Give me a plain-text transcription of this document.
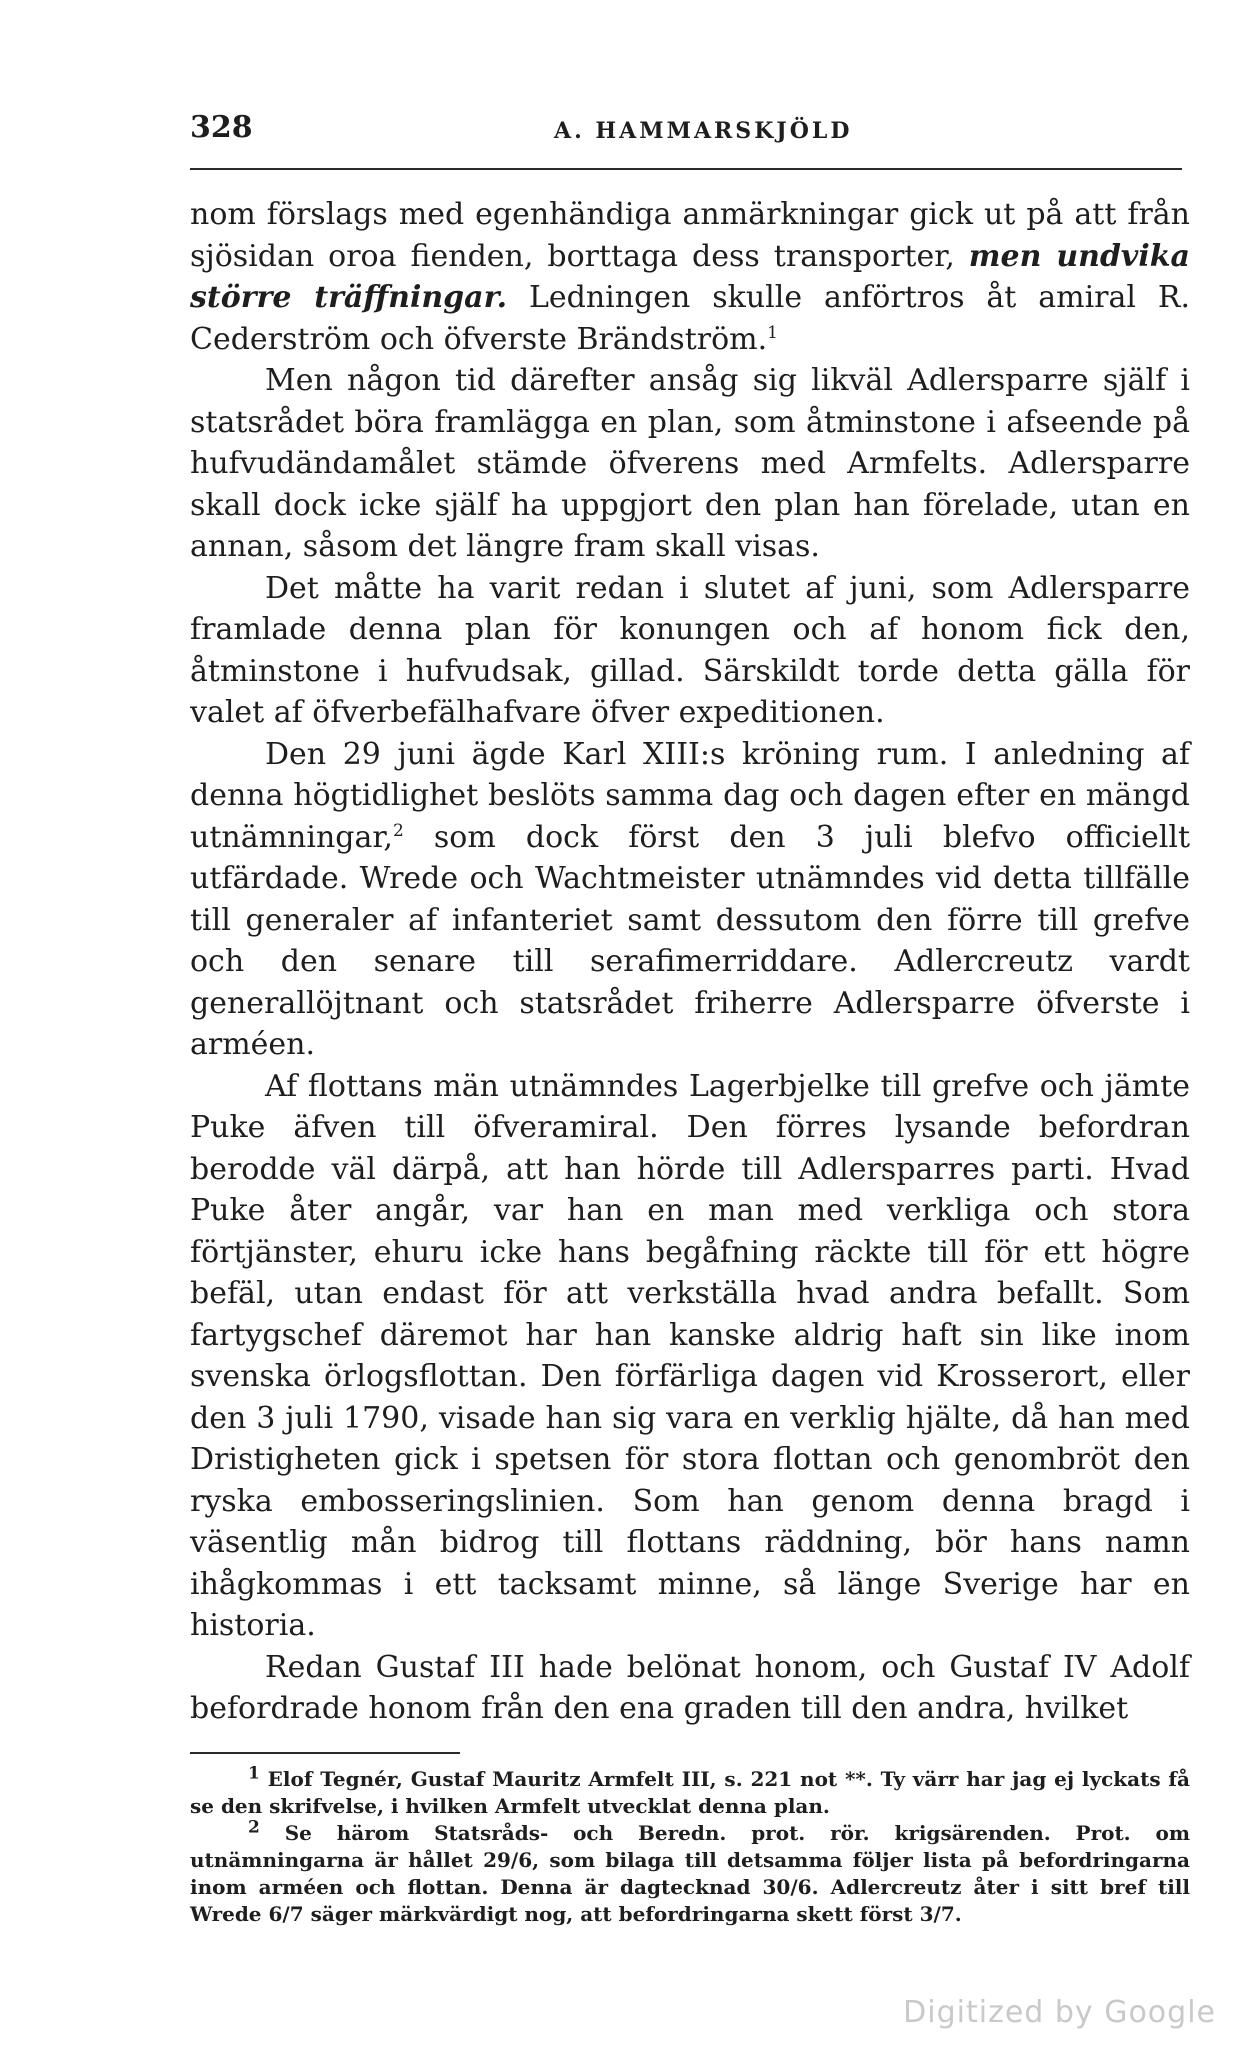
328	A. HAMMARSKJÖLD

nom förslags med egenhändiga anmärkningar gick ut på att från sjösidan oroa fienden, borttaga dess transporter, men undvika större träffningar. Ledningen skulle anförtros åt amiral R. Cederström och öfverste Brändström.$^1$

Men någon tid därefter ansåg sig likväl Adlersparre själf i statsrådet böra framlägga en plan, som åtminstone i afseende på hufvudändamålet stämde öfverens med Armfelts. Adlersparre skall dock icke själf ha uppgjort den plan han förelade, utan en annan, såsom det längre fram skall visas.

Det måtte ha varit redan i slutet af juni, som Adlersparre framlade denna plan för konungen och af honom fick den, åtminstone i hufvudsak, gillad. Särskildt torde detta gälla för valet af öfverbefälhafvare öfver expeditionen.

Den 29 juni ägde Karl XIII:s kröning rum. I anledning af denna högtidlighet beslöts samma dag och dagen efter en mängd utnämningar,$^2$ som dock först den 3 juli blefvo officiellt utfärdade. Wrede och Wachtmeister utnämndes vid detta tillfälle till generaler af infanteriet samt dessutom den förre till grefve och den senare till serafimerriddare. Adlercreutz vardt generallöjtnant och statsrådet friherre Adlersparre öfverste i arméen.

Af flottans män utnämndes Lagerbjelke till grefve och jämte Puke äfven till öfveramiral. Den förres lysande befordran berodde väl därpå, att han hörde till Adlersparres parti. Hvad Puke åter angår, var han en man med verkliga och stora förtjänster, ehuru icke hans begåfning räckte till för ett högre befäl, utan endast för att verkställa hvad andra befallt. Som fartygschef däremot har han kanske aldrig haft sin like inom svenska örlogsflottan. Den förfärliga dagen vid Krosserort, eller den 3 juli 1790, visade han sig vara en verklig hjälte, då han med Dristigheten gick i spetsen för stora flottan och genombröt den ryska embosseringslinien. Som han genom denna bragd i väsentlig mån bidrog till flottans räddning, bör hans namn ihågkommas i ett tacksamt minne, så länge Sverige har en historia.

Redan Gustaf III hade belönat honom, och Gustaf IV Adolf befordrade honom från den ena graden till den andra, hvilket

$^1$ Elof Tegnér, Gustaf Mauritz Armfelt III, s. 221 not **. Ty värr har jag ej lyckats få se den skrifvelse, i hvilken Armfelt utvecklat denna plan.

$^2$ Se härom Statsråds- och Beredn. prot. rör. krigsärenden. Prot. om utnämningarna är hållet 29/6, som bilaga till detsamma följer lista på befordringarna inom arméen och flottan. Denna är dagtecknad 30/6. Adlercreutz åter i sitt bref till Wrede 6/7 säger märkvärdigt nog, att befordringarna skett först 3/7.

Digitized by Google
